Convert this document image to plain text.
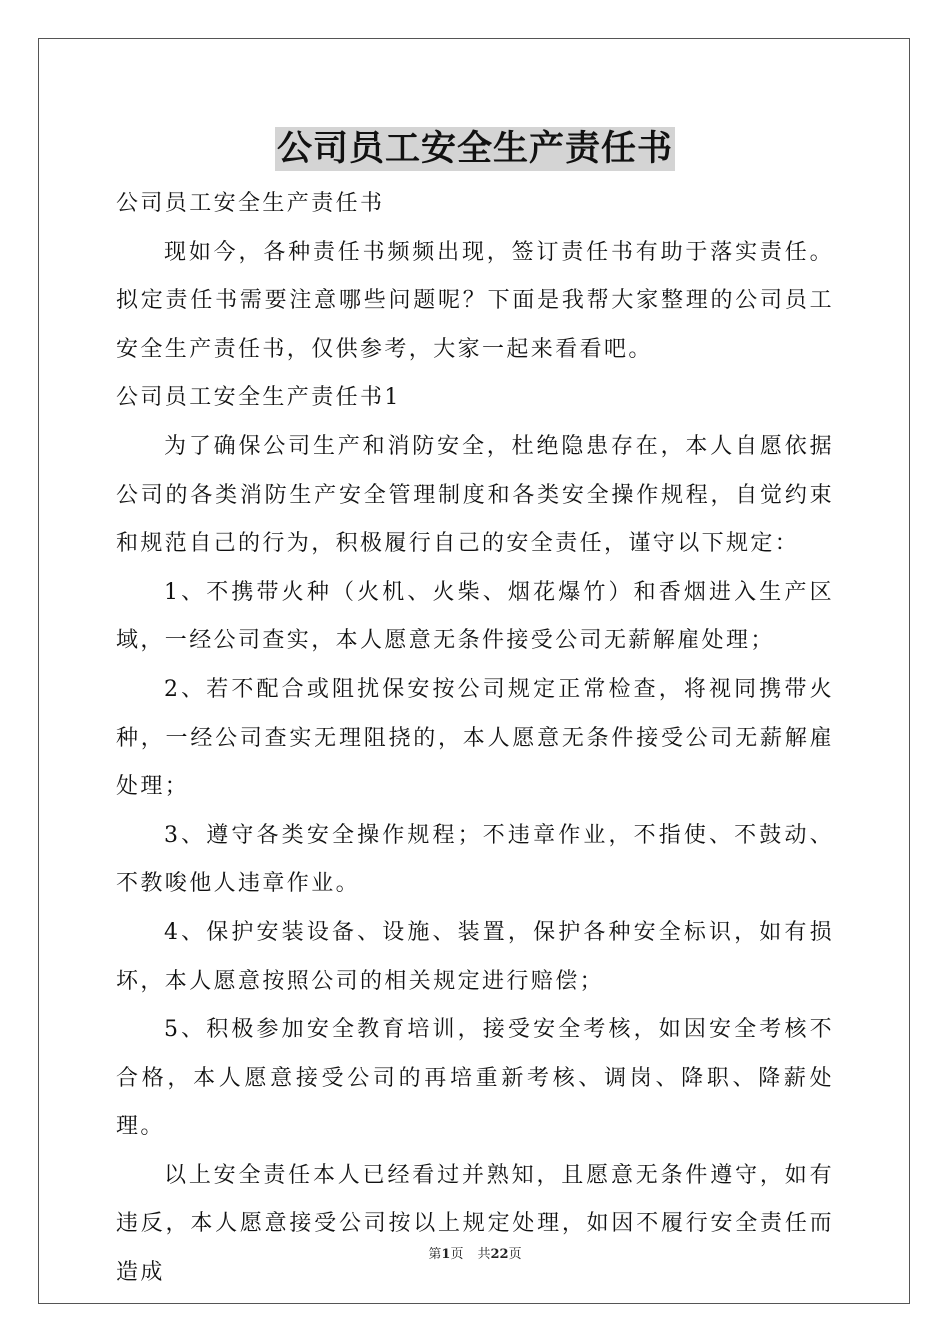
公司员工安全生产责任书

公司员工安全生产责任书

现如今，各种责任书频频出现，签订责任书有助于落实责任。拟定责任书需要注意哪些问题呢？下面是我帮大家整理的公司员工安全生产责任书，仅供参考，大家一起来看看吧。

公司员工安全生产责任书1

为了确保公司生产和消防安全，杜绝隐患存在，本人自愿依据公司的各类消防生产安全管理制度和各类安全操作规程，自觉约束和规范自己的行为，积极履行自己的安全责任，谨守以下规定：

1、不携带火种（火机、火柴、烟花爆竹）和香烟进入生产区域，一经公司查实，本人愿意无条件接受公司无薪解雇处理；

2、若不配合或阻扰保安按公司规定正常检查，将视同携带火种，一经公司查实无理阻挠的，本人愿意无条件接受公司无薪解雇处理；

3、遵守各类安全操作规程；不违章作业，不指使、不鼓动、不教唆他人违章作业。

4、保护安装设备、设施、装置，保护各种安全标识，如有损坏，本人愿意按照公司的相关规定进行赔偿；

5、积极参加安全教育培训，接受安全考核，如因安全考核不合格，本人愿意接受公司的再培重新考核、调岗、降职、降薪处理。

以上安全责任本人已经看过并熟知，且愿意无条件遵守，如有违反，本人愿意接受公司按以上规定处理，如因不履行安全责任而造成

第1页 共22页
